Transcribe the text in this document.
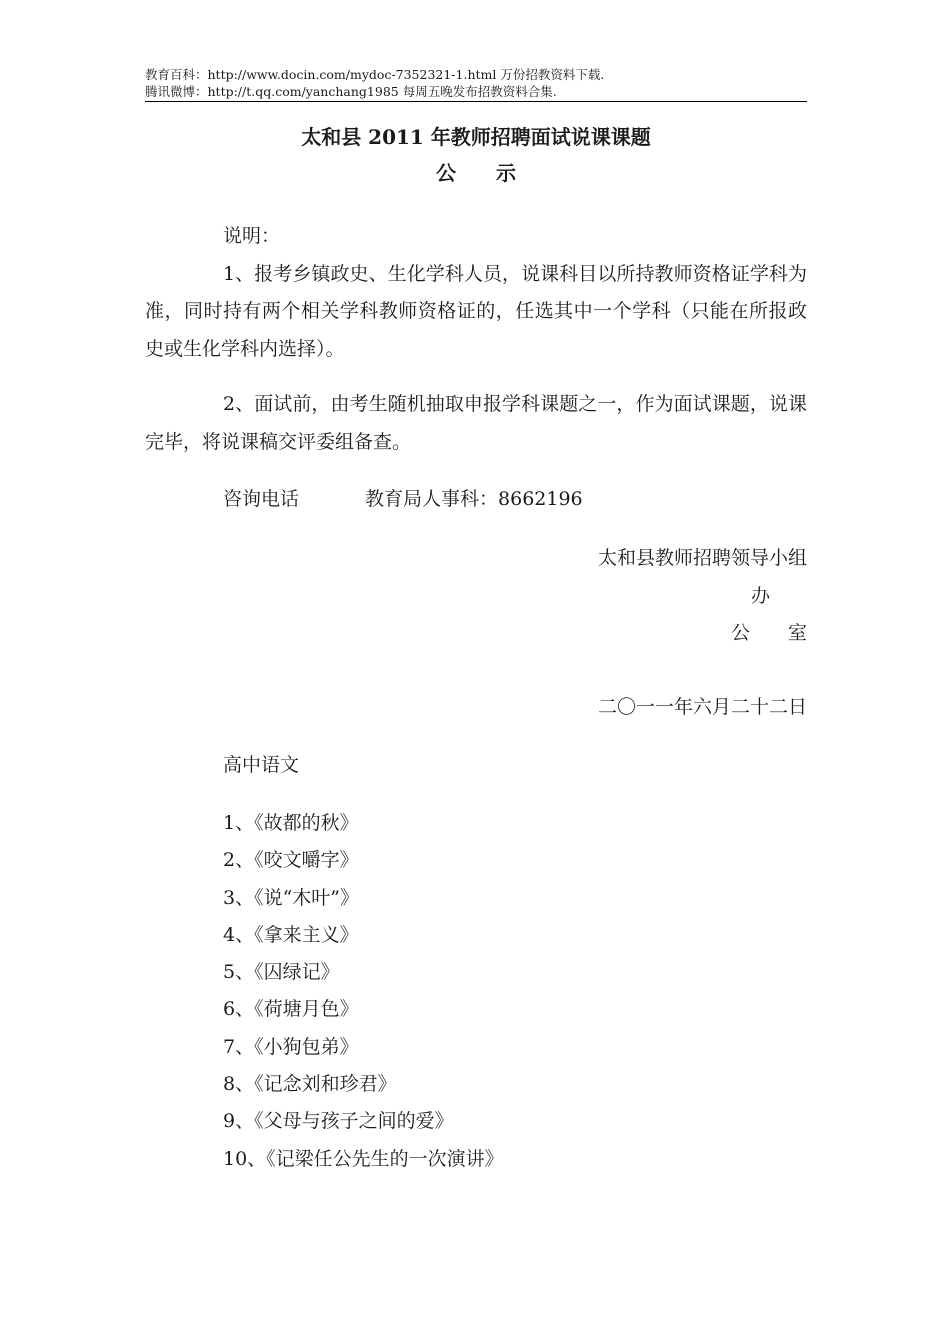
教育百科：http://www.docin.com/mydoc-7352321-1.html 万份招教资料下载.
腾讯微博：http://t.qq.com/yanchang1985 每周五晚发布招教资料合集.
太和县 2011 年教师招聘面试说课课题
公示
说明：
1、报考乡镇政史、生化学科人员，说课科目以所持教师资格证学科为准，同时持有两个相关学科教师资格证的，任选其中一个学科（只能在所报政史或生化学科内选择）。
2、面试前，由考生随机抽取申报学科课题之一，作为面试课题，说课完毕，将说课稿交评委组备查。
咨询电话	教育局人事科：8662196
太和县教师招聘领导小组
办
公　　室
二〇一一年六月二十二日
高中语文
1、《故都的秋》
2、《咬文嚼字》
3、《说“木叶”》
4、《拿来主义》
5、《囚绿记》
6、《荷塘月色》
7、《小狗包弟》
8、《记念刘和珍君》
9、《父母与孩子之间的爱》
10、《记梁任公先生的一次演讲》
